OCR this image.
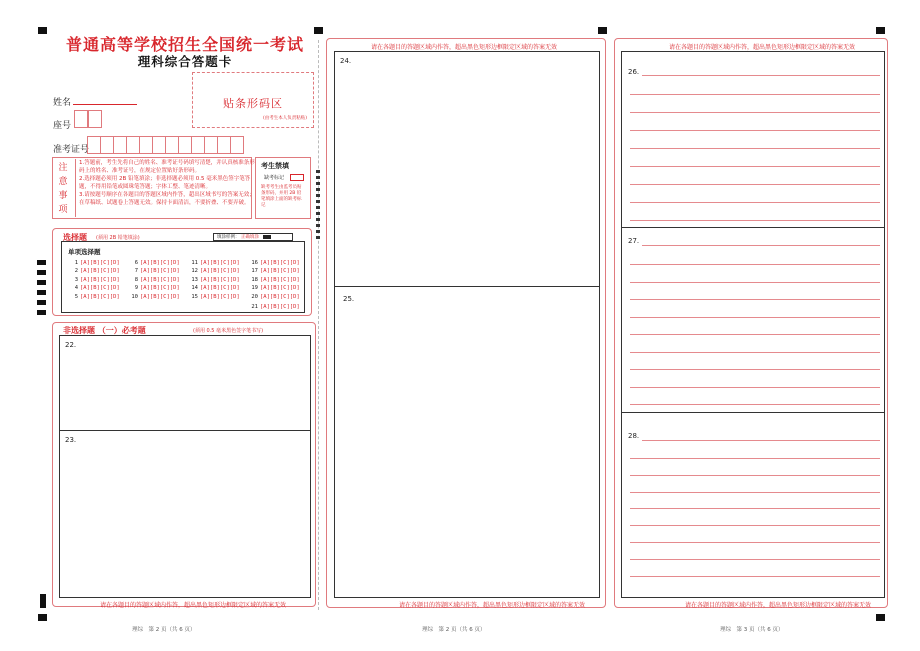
普通高等学校招生全国统一考试
理科综合答题卡
姓名
座号
准考证号
贴条形码区
(由考生本人负责粘贴)
注
意
事
项
1.答题前，考生先将自己的姓名、准考证号码填写清楚，并认真核准条形码上的姓名、准考证号，在规定位置贴好条形码。
2.选择题必须用 2B 铅笔填涂；非选择题必须用 0.5 毫米黑色签字笔答题，不得用铅笔或圆珠笔答题；字体工整、笔迹清晰。
3.请按题号顺序在各题目的答题区域内作答，超出区域书写的答案无效；在草稿纸、试题卷上答题无效。保持卡面清洁，不要折叠、不要弄破。
考生禁填
缺考标记
缺考考生由监考员贴条形码，并用 2B 铅笔填涂上面的缺考标记
选择题 (须用 2B 铅笔填涂)	填涂样例： 正确填涂
单项选择题
1 [A][B][C][D]
2 [A][B][C][D]
3 [A][B][C][D]
4 [A][B][C][D]
5 [A][B][C][D]
6 [A][B][C][D]
7 [A][B][C][D]
8 [A][B][C][D]
9 [A][B][C][D]
10 [A][B][C][D]
11 [A][B][C][D]
12 [A][B][C][D]
13 [A][B][C][D]
14 [A][B][C][D]
15 [A][B][C][D]
16 [A][B][C][D]
17 [A][B][C][D]
18 [A][B][C][D]
19 [A][B][C][D]
20 [A][B][C][D]
21 [A][B][C][D]
非选择题 （一）必考题	(须用 0.5 毫米黑色签字笔书写)
22.
23.
请在各题目的答题区域内作答，超出黑色矩形边框限定区域的答案无效
理综　第 2 页（共 6 页）
请在各题目的答题区域内作答，超出黑色矩形边框限定区域的答案无效
24.
25.
请在各题目的答题区域内作答，超出黑色矩形边框限定区域的答案无效
理综　第 2 页（共 6 页）
请在各题目的答题区域内作答，超出黑色矩形边框限定区域的答案无效
26.
27.
28.
请在各题目的答题区域内作答，超出黑色矩形边框限定区域的答案无效
理综　第 3 页（共 6 页）
